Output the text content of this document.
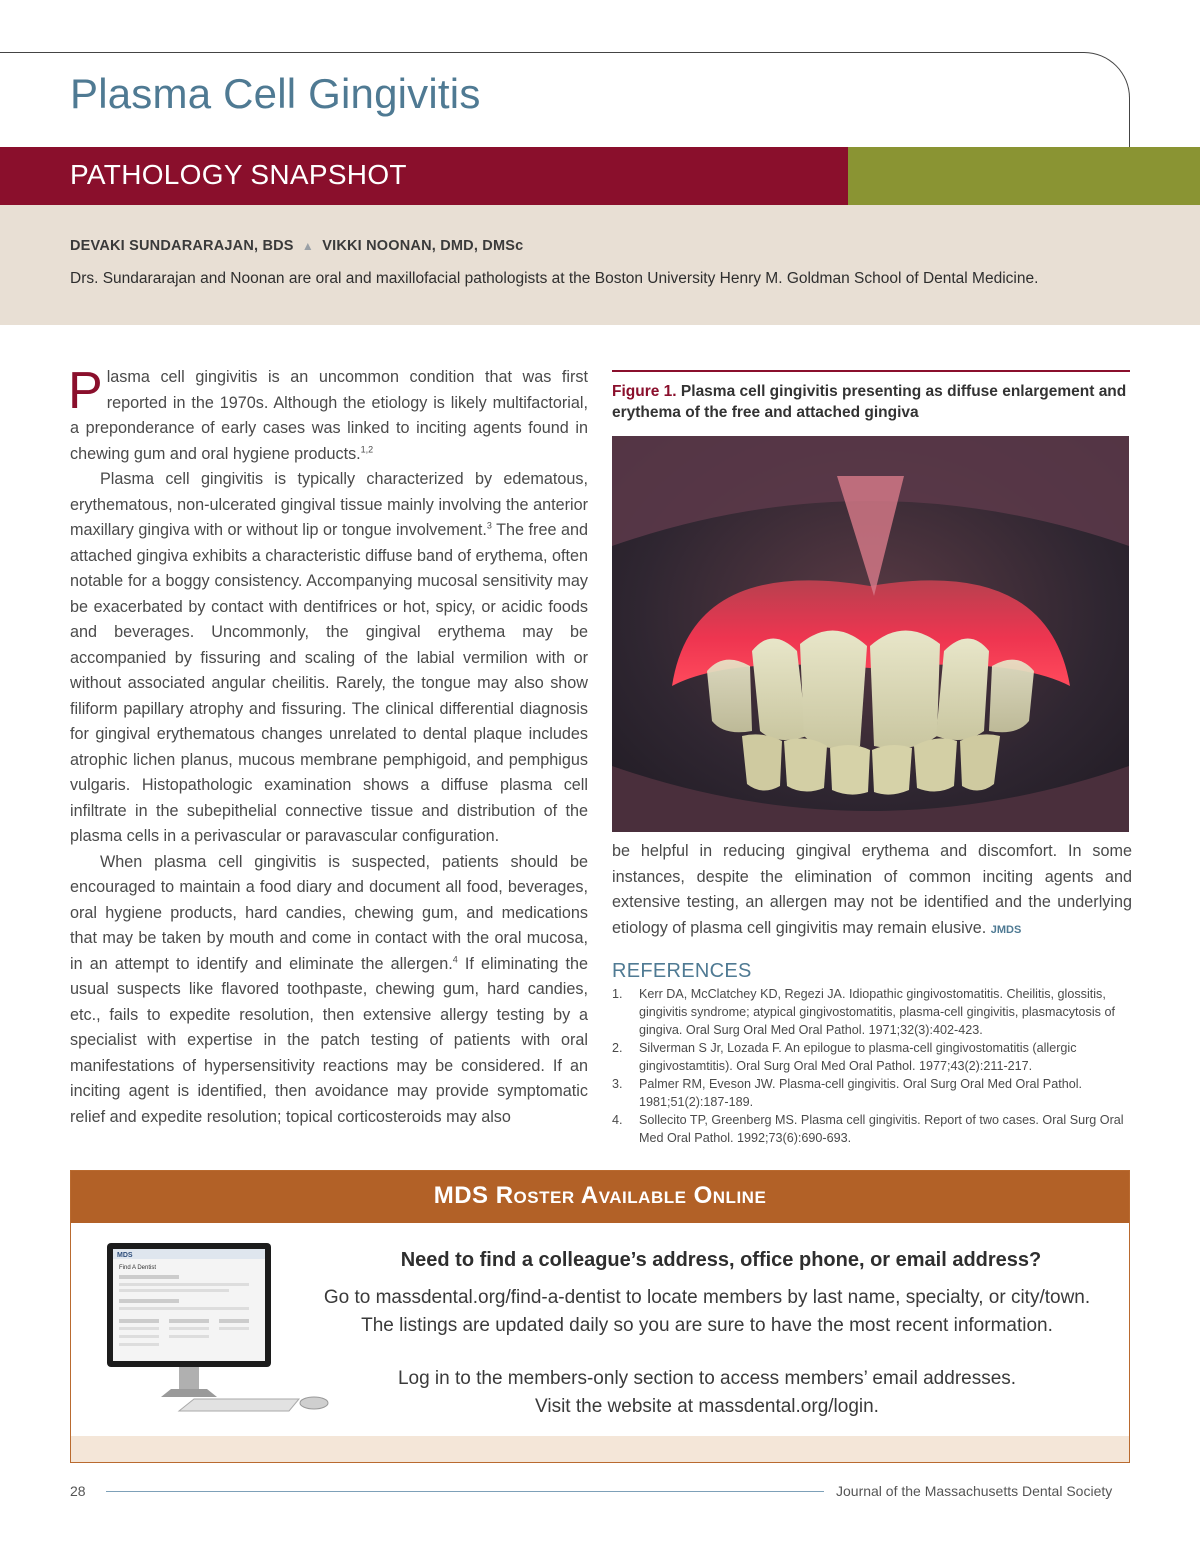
Plasma Cell Gingivitis
PATHOLOGY SNAPSHOT
DEVAKI SUNDARARAJAN, BDS ▲ VIKKI NOONAN, DMD, DMSc
Drs. Sundararajan and Noonan are oral and maxillofacial pathologists at the Boston University Henry M. Goldman School of Dental Medicine.

Plasma cell gingivitis is an uncommon condition that was first reported in the 1970s. Although the etiology is likely multifactorial, a preponderance of early cases was linked to inciting agents found in chewing gum and oral hygiene products.$^{1,2}$

Plasma cell gingivitis is typically characterized by edematous, erythematous, non-ulcerated gingival tissue mainly involving the anterior maxillary gingiva with or without lip or tongue involvement.$^3$ The free and attached gingiva exhibits a characteristic diffuse band of erythema, often notable for a boggy consistency. Accompanying mucosal sensitivity may be exacerbated by contact with dentifrices or hot, spicy, or acidic foods and beverages. Uncommonly, the gingival erythema may be accompanied by fissuring and scaling of the labial vermilion with or without associated angular cheilitis. Rarely, the tongue may also show filiform papillary atrophy and fissuring. The clinical differential diagnosis for gingival erythematous changes unrelated to dental plaque includes atrophic lichen planus, mucous membrane pemphigoid, and pemphigus vulgaris. Histopathologic examination shows a diffuse plasma cell infiltrate in the subepithelial connective tissue and distribution of the plasma cells in a perivascular or paravascular configuration.

When plasma cell gingivitis is suspected, patients should be encouraged to maintain a food diary and document all food, beverages, oral hygiene products, hard candies, chewing gum, and medications that may be taken by mouth and come in contact with the oral mucosa, in an attempt to identify and eliminate the allergen.$^4$ If eliminating the usual suspects like flavored toothpaste, chewing gum, hard candies, etc., fails to expedite resolution, then extensive allergy testing by a specialist with expertise in the patch testing of patients with oral manifestations of hypersensitivity reactions may be considered. If an inciting agent is identified, then avoidance may provide symptomatic relief and expedite resolution; topical corticosteroids may also

Figure 1. Plasma cell gingivitis presenting as diffuse enlargement and erythema of the free and attached gingiva

be helpful in reducing gingival erythema and discomfort. In some instances, despite the elimination of common inciting agents and extensive testing, an allergen may not be identified and the underlying etiology of plasma cell gingivitis may remain elusive. JMDS

REFERENCES
1. Kerr DA, McClatchey KD, Regezi JA. Idiopathic gingivostomatitis. Cheilitis, glossitis, gingivitis syndrome; atypical gingivostomatitis, plasma-cell gingivitis, plasmacytosis of gingiva. Oral Surg Oral Med Oral Pathol. 1971;32(3):402-423.
2. Silverman S Jr, Lozada F. An epilogue to plasma-cell gingivostomatitis (allergic gingivostamtitis). Oral Surg Oral Med Oral Pathol. 1977;43(2):211-217.
3. Palmer RM, Eveson JW. Plasma-cell gingivitis. Oral Surg Oral Med Oral Pathol. 1981;51(2):187-189.
4. Sollecito TP, Greenberg MS. Plasma cell gingivitis. Report of two cases. Oral Surg Oral Med Oral Pathol. 1992;73(6):690-693.
MDS Roster Available Online
MDS
Find A Dentist	Need to find a colleague’s address, office phone, or email address?
Go to massdental.org/find-a-dentist to locate members by last name, specialty, or city/town.
The listings are updated daily so you are sure to have the most recent information.
Log in to the members-only section to access members’ email addresses.
Visit the website at massdental.org/login.
28	Journal of the Massachusetts Dental Society
